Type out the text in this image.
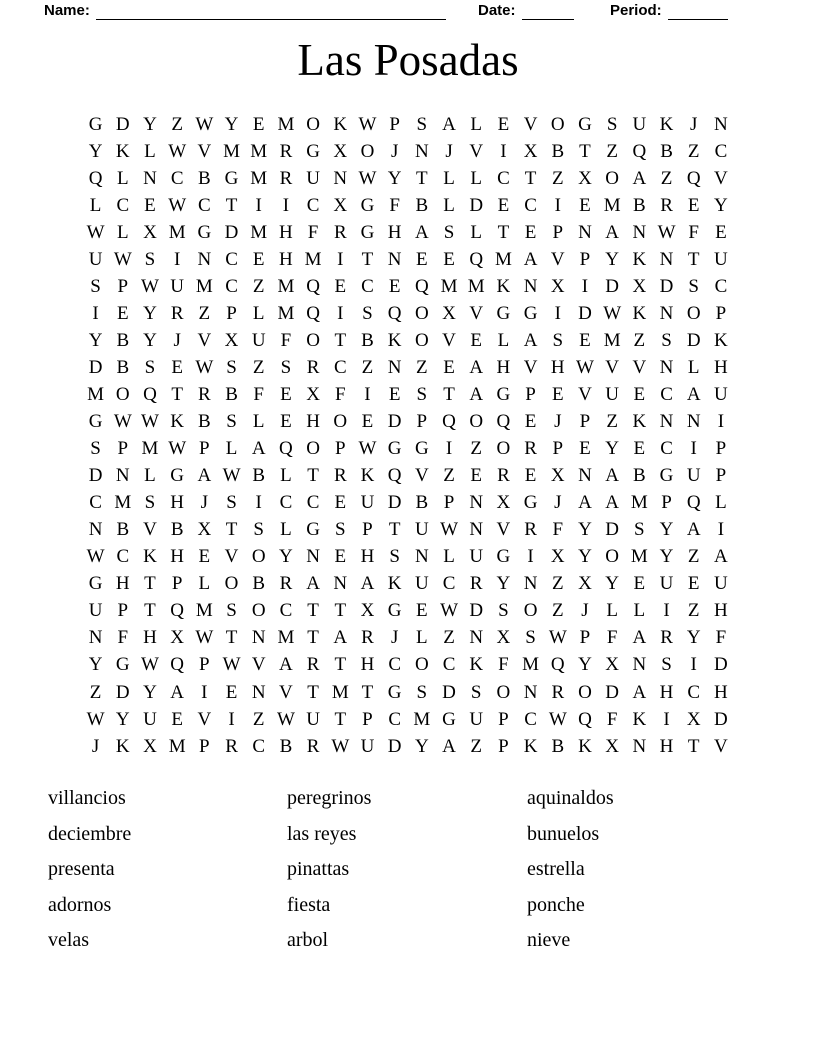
Name:	Date:	Period:
Las Posadas
G D Y Z W Y E M O K W P S A L E V O G S U K J N
Y K L W V M M R G X O J N J V I X B T Z Q B Z C
Q L N C B G M R U N W Y T L L C T Z X O A Z Q V
L C E W C T I	I C X G F B L D E C I E M B R E Y
W L X M G D M H F R G H A S L T E P N A N W F E
U W S I N C E H M I T N E E Q M A V P Y K N T U
S P W U M C Z M Q E C E Q M M K N X I D X D S C
I E Y R Z P L M Q I S Q O X V G G I D W K N O P
Y B Y J V X U F O T B K O V E L A S E M Z S D K
D B S E W S Z S R C Z N Z E A H V H W V V N L H
M O Q T R B F E X F I E S T A G P E V U E C A U
G W W K B S L E H O E D P Q O Q E J P Z K N N I
S P M W P L A Q O P W G G I Z O R P E Y E C I P
D N L G A W B L T R K Q V Z E R E X N A B G U P
C M S H J S I C C E U D B P N X G J A A M P Q L
N B V B X T S L G S P T U W N V R F Y D S Y A I
W C K H E V O Y N E H S N L U G I X Y O M Y Z A
G H T P L O B R A N A K U C R Y N Z X Y E U E U
U P T Q M S O C T T X G E W D S O Z J L L I Z H
N F H X W T N M T A R J L Z N X S W P F A R Y F
Y G W Q P W V A R T H C O C K F M Q Y X N S I D
Z D Y A I E N V T M T G S D S O N R O D A H C H
W Y U E V I Z W U T P C M G U P C W Q F K I X D
J K X M P R C B R W U D Y A Z P K B K X N H T V
villancios
deciembre
presenta
adornos
velas
peregrinos
las reyes
pinattas
fiesta
arbol
aquinaldos
bunuelos
estrella
ponche
nieve
